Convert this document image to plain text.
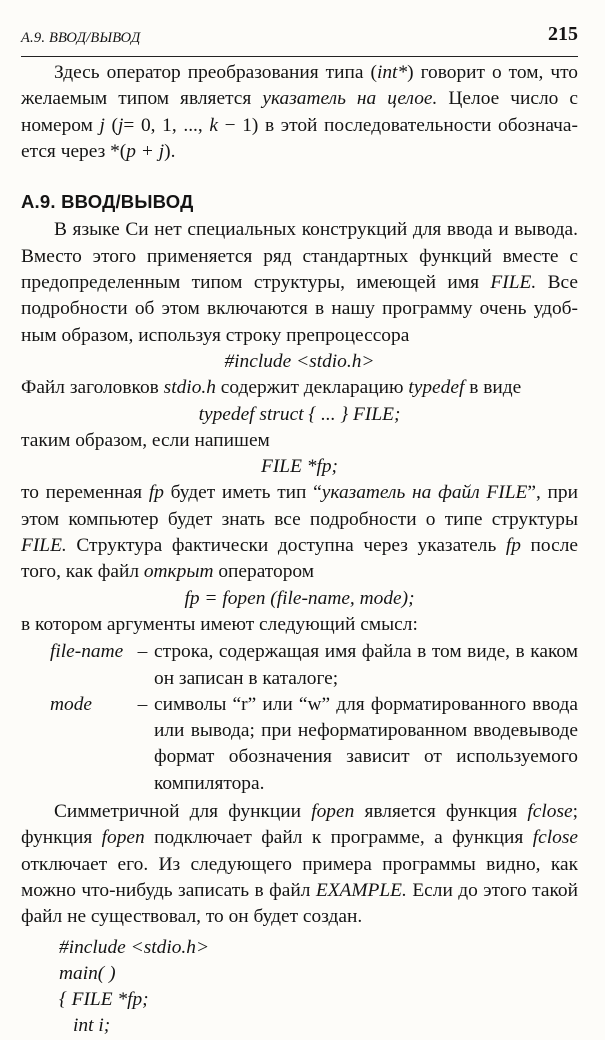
А.9. ВВОД/ВЫВОД	215

Здесь оператор преобразования типа (int*) говорит о том, что желаемым типом является указатель на целое. Целое число с номером j (j= 0, 1, ..., k − 1) в этой последовательности обозначается через *(p + j).

А.9. ВВОД/ВЫВОД

В языке Си нет специальных конструкций для ввода и вывода. Вместо этого применяется ряд стандартных функций вместе с предопределенным типом структуры, имеющей имя FILE. Все подробности об этом включаются в нашу программу очень удобным образом, используя строку препроцессора

#include <stdio.h>

Файл заголовков stdio.h содержит декларацию typedef в виде

typedef struct { ... } FILE;

таким образом, если напишем

FILE *fp;

то переменная fp будет иметь тип “указатель на файл FILE”, при этом компьютер будет знать все подробности о типе структуры FILE. Структура фактически доступна через указатель fp после того, как файл открыт оператором

fp = fopen (file-name, mode);

в котором аргументы имеют следующий смысл:

file-name – строка, содержащая имя файла в том виде, в каком он записан в каталоге;
mode	– символы “r” или “w” для форматированного ввода или вывода; при неформатированном вводевыводе формат обозначения зависит от используемого компилятора.

Симметричной для функции fopen является функция fclose; функция fopen подключает файл к программе, а функция fclose отключает его. Из следующего примера программы видно, как можно что-нибудь записать в файл EXAMPLE. Если до этого такой файл не существовал, то он будет создан.

#include <stdio.h>
main( )
{ FILE *fp;
int i;
